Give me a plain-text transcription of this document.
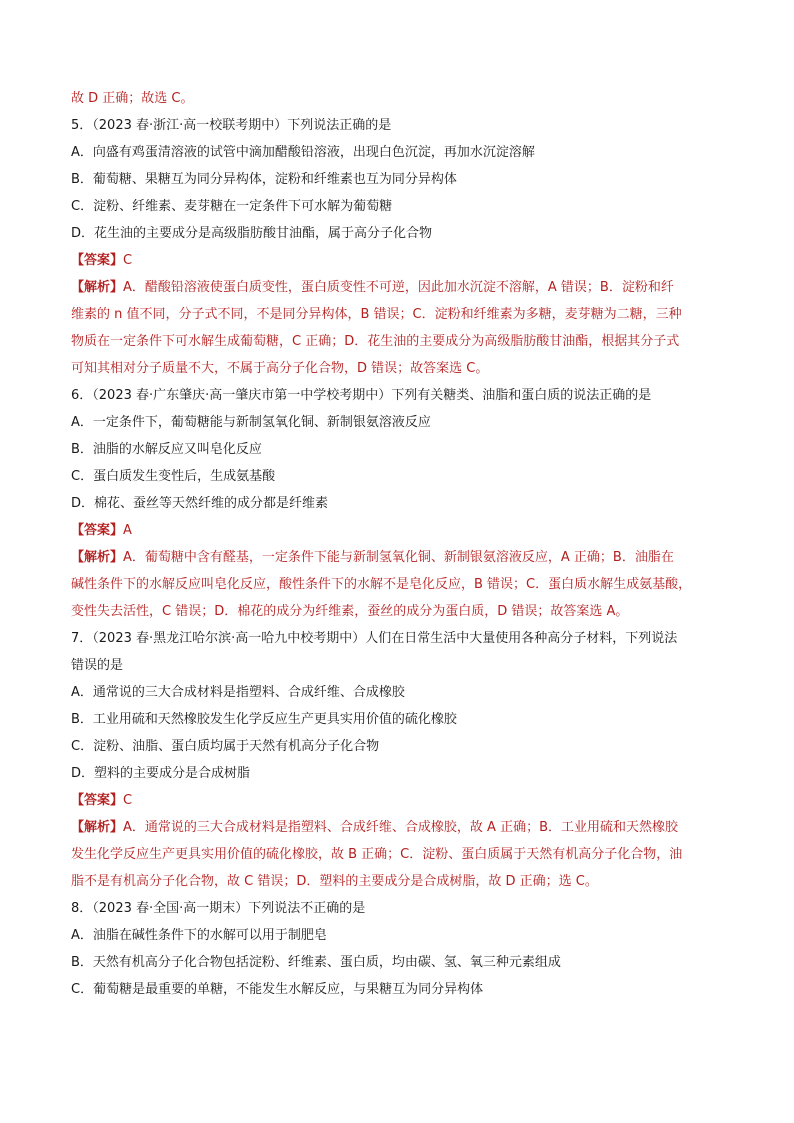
故 D 正确；故选 C。
5．（2023 春·浙江·高一校联考期中）下列说法正确的是
A．向盛有鸡蛋清溶液的试管中滴加醋酸铅溶液，出现白色沉淀，再加水沉淀溶解
B．葡萄糖、果糖互为同分异构体，淀粉和纤维素也互为同分异构体
C．淀粉、纤维素、麦芽糖在一定条件下可水解为葡萄糖
D．花生油的主要成分是高级脂肪酸甘油酯，属于高分子化合物
【答案】C
【解析】A．醋酸铅溶液使蛋白质变性，蛋白质变性不可逆，因此加水沉淀不溶解，A 错误；B．淀粉和纤
维素的 n 值不同，分子式不同，不是同分异构体，B 错误；C．淀粉和纤维素为多糖，麦芽糖为二糖，三种
物质在一定条件下可水解生成葡萄糖，C 正确；D．花生油的主要成分为高级脂肪酸甘油酯，根据其分子式
可知其相对分子质量不大，不属于高分子化合物，D 错误；故答案选 C。
6．（2023 春·广东肇庆·高一肇庆市第一中学校考期中）下列有关糖类、油脂和蛋白质的说法正确的是
A．一定条件下，葡萄糖能与新制氢氧化铜、新制银氨溶液反应
B．油脂的水解反应又叫皂化反应
C．蛋白质发生变性后，生成氨基酸
D．棉花、蚕丝等天然纤维的成分都是纤维素
【答案】A
【解析】A．葡萄糖中含有醛基，一定条件下能与新制氢氧化铜、新制银氨溶液反应，A 正确；B．油脂在
碱性条件下的水解反应叫皂化反应，酸性条件下的水解不是皂化反应，B 错误；C．蛋白质水解生成氨基酸，
变性失去活性，C 错误；D．棉花的成分为纤维素，蚕丝的成分为蛋白质，D 错误；故答案选 A。
7．（2023 春·黑龙江哈尔滨·高一哈九中校考期中）人们在日常生活中大量使用各种高分子材料，下列说法
错误的是
A．通常说的三大合成材料是指塑料、合成纤维、合成橡胶
B．工业用硫和天然橡胶发生化学反应生产更具实用价值的硫化橡胶
C．淀粉、油脂、蛋白质均属于天然有机高分子化合物
D．塑料的主要成分是合成树脂
【答案】C
【解析】A．通常说的三大合成材料是指塑料、合成纤维、合成橡胶，故 A 正确；B．工业用硫和天然橡胶
发生化学反应生产更具实用价值的硫化橡胶，故 B 正确；C．淀粉、蛋白质属于天然有机高分子化合物，油
脂不是有机高分子化合物，故 C 错误；D．塑料的主要成分是合成树脂，故 D 正确；选 C。
8．（2023 春·全国·高一期末）下列说法不正确的是
A．油脂在碱性条件下的水解可以用于制肥皂
B．天然有机高分子化合物包括淀粉、纤维素、蛋白质，均由碳、氢、氧三种元素组成
C．葡萄糖是最重要的单糖，不能发生水解反应，与果糖互为同分异构体
